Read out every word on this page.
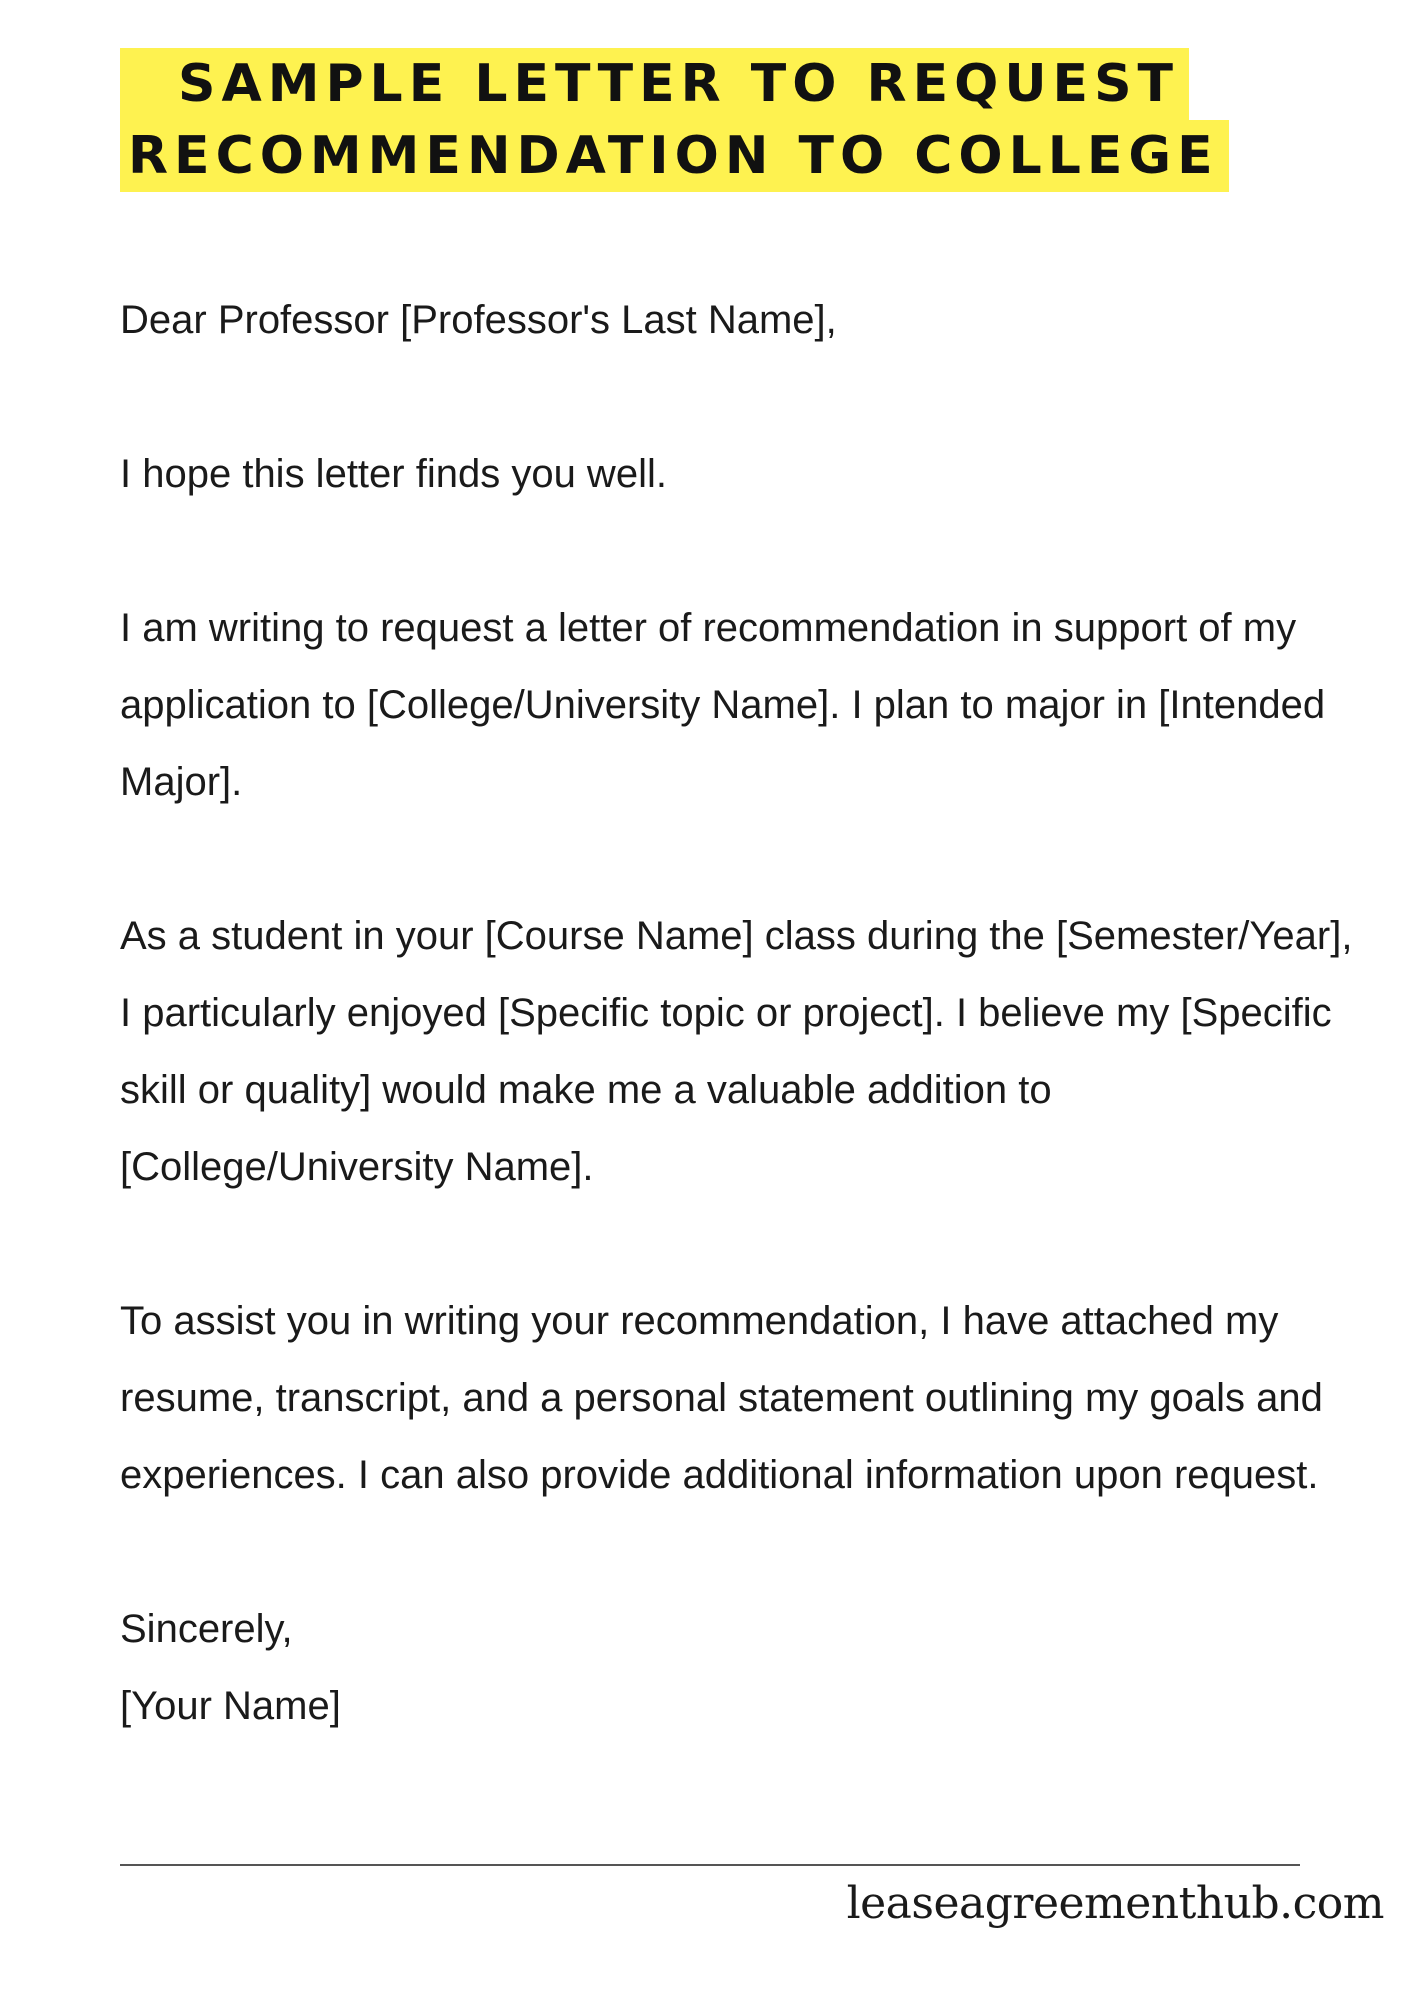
SAMPLE LETTER TO REQUEST
RECOMMENDATION TO COLLEGE

Dear Professor [Professor's Last Name],

I hope this letter finds you well.

I am writing to request a letter of recommendation in support of my application to [College/University Name]. I plan to major in [Intended Major].

As a student in your [Course Name] class during the [Semester/Year], I particularly enjoyed [Specific topic or project]. I believe my [Specific skill or quality] would make me a valuable addition to [College/University Name].

To assist you in writing your recommendation, I have attached my resume, transcript, and a personal statement outlining my goals and experiences. I can also provide additional information upon request.

Sincerely,
[Your Name]

leaseagreementhub.com
